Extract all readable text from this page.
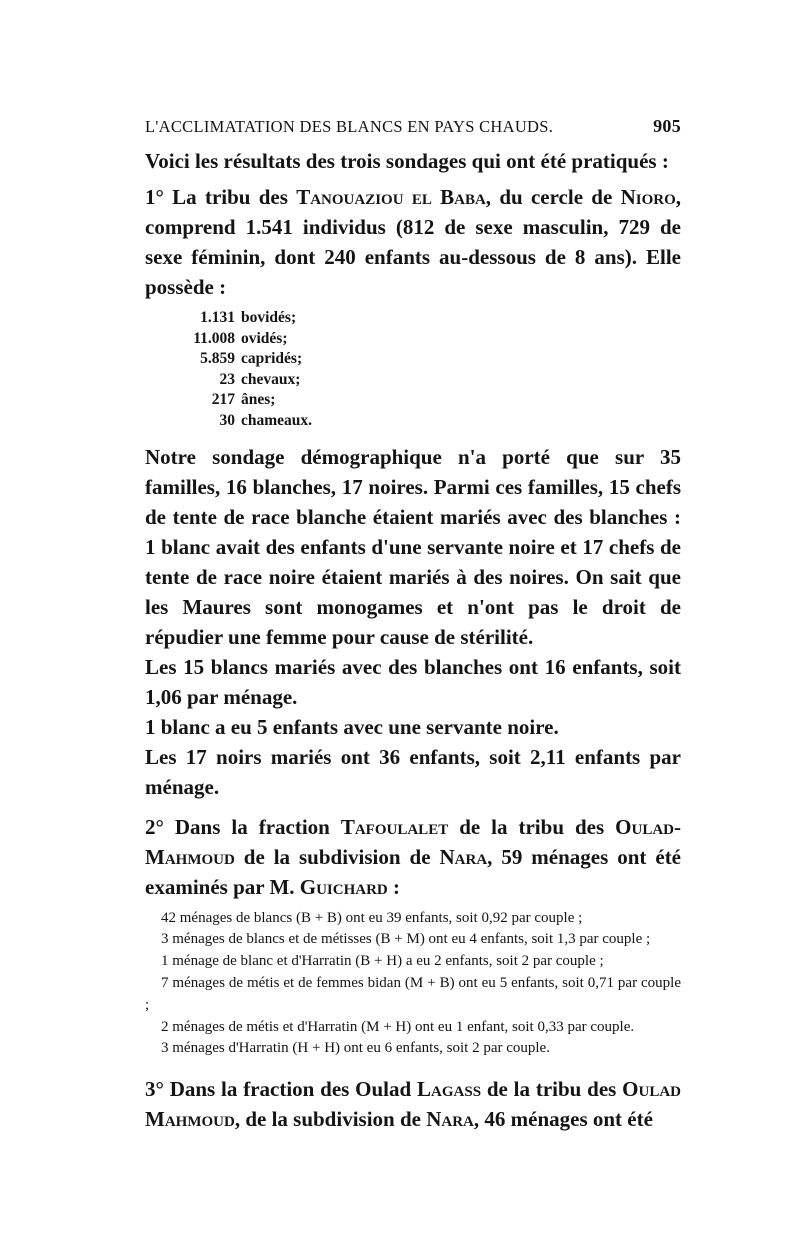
L'ACCLIMATATION DES BLANCS EN PAYS CHAUDS.	905
Voici les résultats des trois sondages qui ont été pratiqués :
1° La tribu des Tanouaziou el Baba, du cercle de Nioro, comprend 1.541 individus (812 de sexe masculin, 729 de sexe féminin, dont 240 enfants au-dessous de 8 ans). Elle possède :
1.131 bovidés;
11.008 ovidés;
5.859 capridés;
23 chevaux;
217 ânes;
30 chameaux.

Notre sondage démographique n'a porté que sur 35 familles, 16 blanches, 17 noires. Parmi ces familles, 15 chefs de tente de race blanche étaient mariés avec des blanches : 1 blanc avait des enfants d'une servante noire et 17 chefs de tente de race noire étaient mariés à des noires. On sait que les Maures sont monogames et n'ont pas le droit de répudier une femme pour cause de stérilité.

Les 15 blancs mariés avec des blanches ont 16 enfants, soit 1,06 par ménage.

1 blanc a eu 5 enfants avec une servante noire.

Les 17 noirs mariés ont 36 enfants, soit 2,11 enfants par ménage.

2° Dans la fraction Tafoulalet de la tribu des Oulad-Mahmoud de la subdivision de Nara, 59 ménages ont été examinés par M. Guichard :

42 ménages de blancs (B + B) ont eu 39 enfants, soit 0,92 par couple ;

3 ménages de blancs et de métisses (B + M) ont eu 4 enfants, soit 1,3 par couple ;

1 ménage de blanc et d'Harratin (B + H) a eu 2 enfants, soit 2 par couple ;

7 ménages de métis et de femmes bidan (M + B) ont eu 5 enfants, soit 0,71 par couple ;

2 ménages de métis et d'Harratin (M + H) ont eu 1 enfant, soit 0,33 par couple.

3 ménages d'Harratin (H + H) ont eu 6 enfants, soit 2 par couple.

3° Dans la fraction des Oulad Lagass de la tribu des Oulad Mahmoud, de la subdivision de Nara, 46 ménages ont été
